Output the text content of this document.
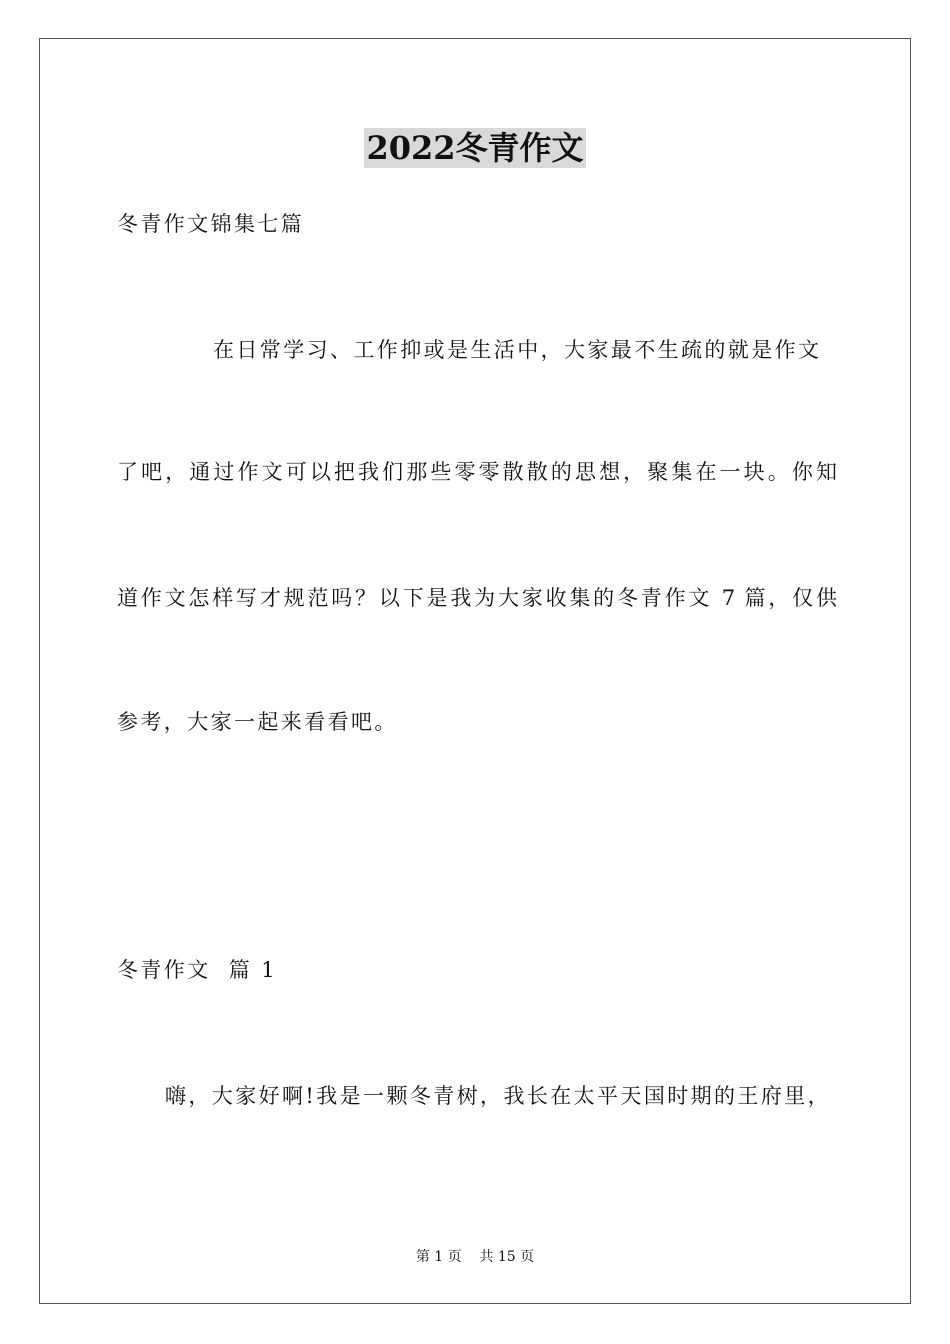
2022冬青作文
冬青作文锦集七篇
在日常学习、工作抑或是生活中，大家最不生疏的就是作文
了吧，通过作文可以把我们那些零零散散的思想，聚集在一块。你知
道作文怎样写才规范吗？以下是我为大家收集的冬青作文 7 篇，仅供
参考，大家一起来看看吧。
冬青作文  篇 1
嗨，大家好啊!我是一颗冬青树，我长在太平天国时期的王府里，
第 1 页    共 15 页
